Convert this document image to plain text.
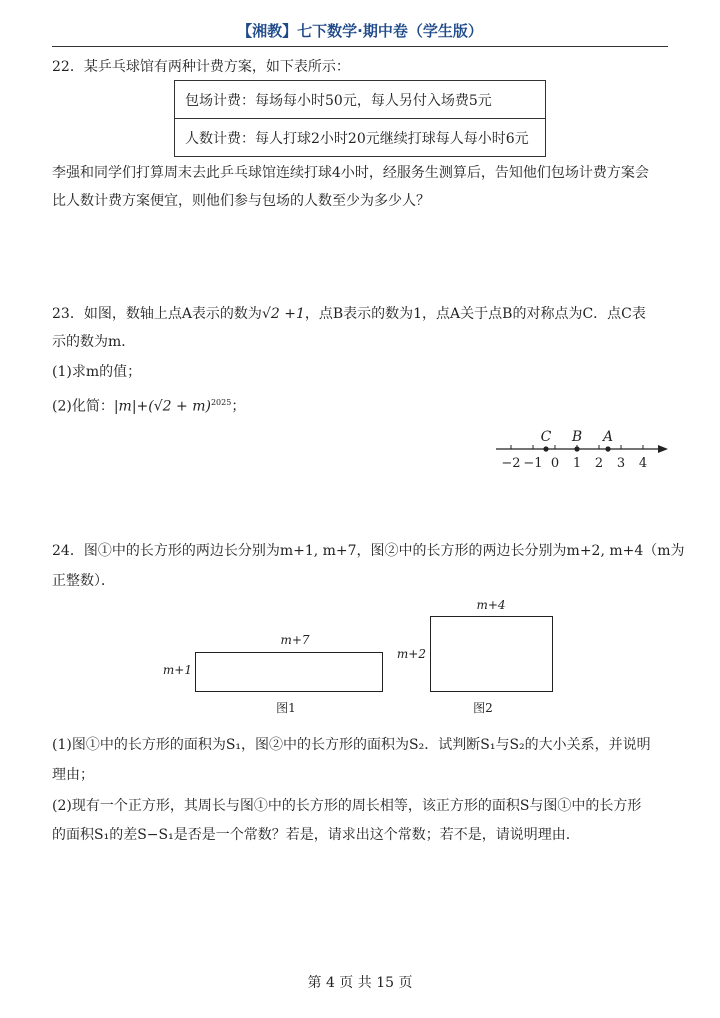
【湘教】七下数学·期中卷（学生版）
22．某乒乓球馆有两种计费方案，如下表所示：
包场计费：每场每小时50元，每人另付入场费5元
人数计费：每人打球2小时20元继续打球每人每小时6元
李强和同学们打算周末去此乒乓球馆连续打球4小时，经服务生测算后，告知他们包场计费方案会
比人数计费方案便宜，则他们参与包场的人数至少为多少人？
23．如图，数轴上点A表示的数为√2 +1，点B表示的数为1，点A关于点B的对称点为C．点C表
示的数为m．
(1)求m的值；
(2)化简：$|m|+(√2 + m)^{2025}$；
C B A
−2 −1 0 1 2 3 4
24．图①中的长方形的两边长分别为m+1, m+7，图②中的长方形的两边长分别为m+2, m+4（m为
正整数）．
m+7
m+1
图1
m+4
m+2
图2
(1)图①中的长方形的面积为S₁，图②中的长方形的面积为S₂．试判断S₁与S₂的大小关系，并说明
理由；
(2)现有一个正方形，其周长与图①中的长方形的周长相等，该正方形的面积S与图①中的长方形
的面积S₁的差S−S₁是否是一个常数？若是，请求出这个常数；若不是，请说明理由.
第 4 页 共 15 页
